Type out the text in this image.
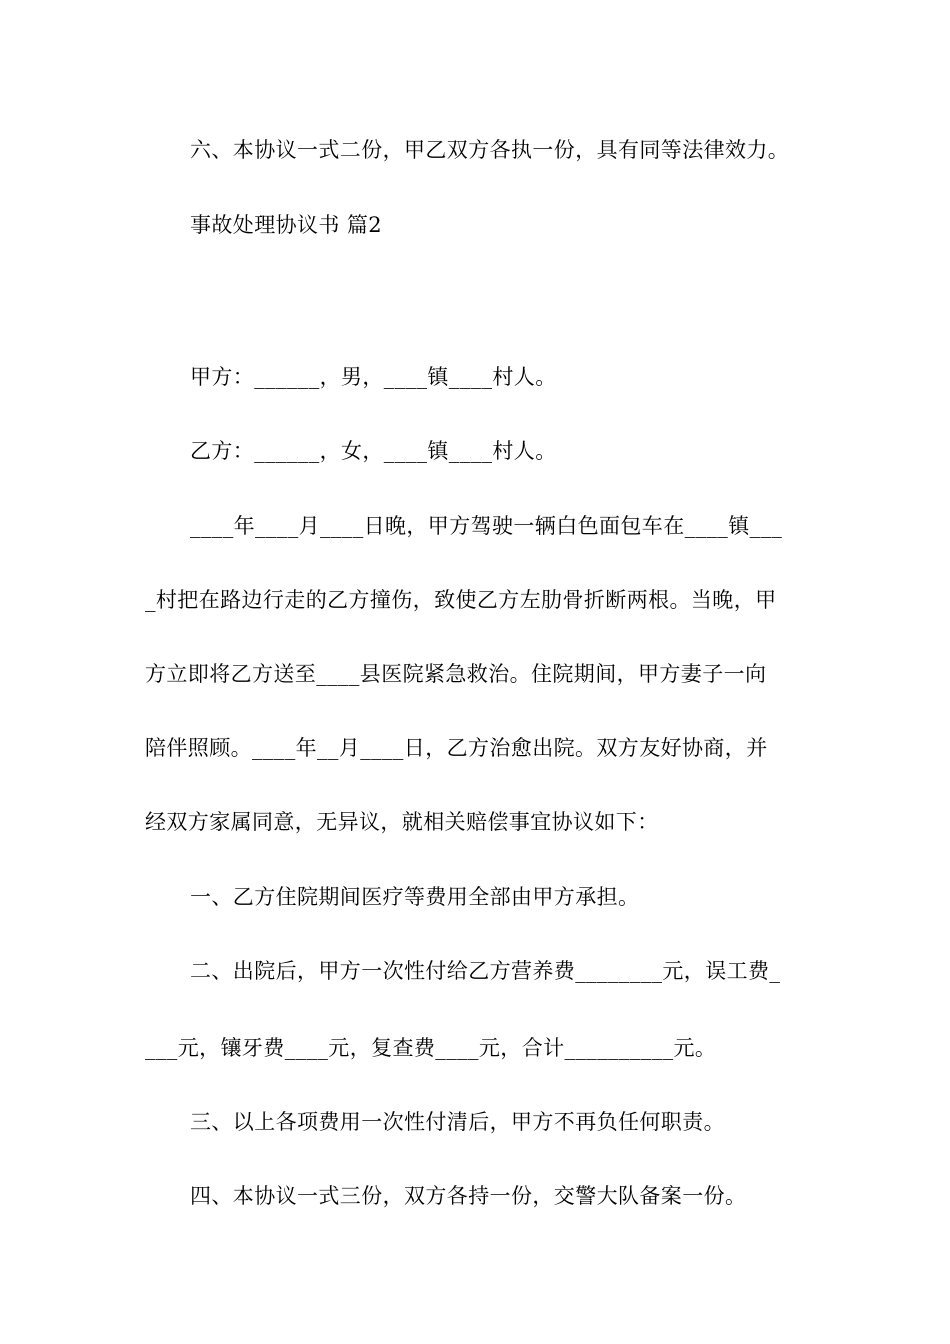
六、本协议一式二份，甲乙双方各执一份，具有同等法律效力。
事故处理协议书 篇2
甲方：______，男，____镇____村人。
乙方：______，女，____镇____村人。
____年____月____日晚，甲方驾驶一辆白色面包车在____镇___
_村把在路边行走的乙方撞伤，致使乙方左肋骨折断两根。当晚，甲
方立即将乙方送至____县医院紧急救治。住院期间，甲方妻子一向
陪伴照顾。____年__月____日，乙方治愈出院。双方友好协商，并
经双方家属同意，无异议，就相关赔偿事宜协议如下：
一、乙方住院期间医疗等费用全部由甲方承担。
二、出院后，甲方一次性付给乙方营养费________元，误工费_
___元，镶牙费____元，复查费____元，合计__________元。
三、以上各项费用一次性付清后，甲方不再负任何职责。
四、本协议一式三份，双方各持一份，交警大队备案一份。
